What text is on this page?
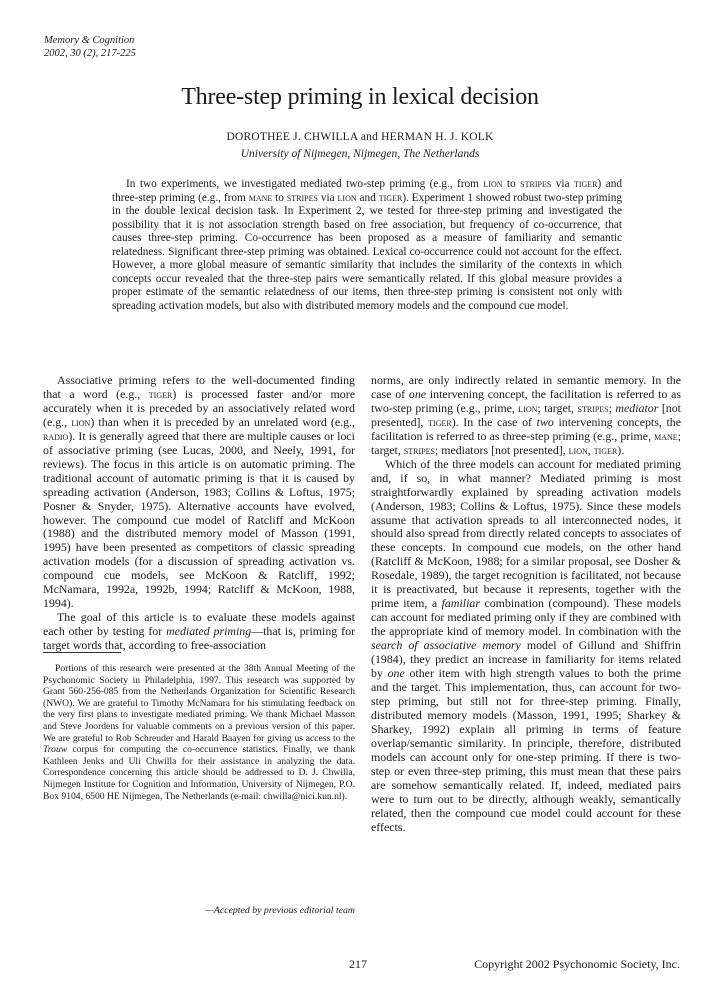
Memory & Cognition
2002, 30 (2), 217-225
Three-step priming in lexical decision
DOROTHEE J. CHWILLA and HERMAN H. J. KOLK
University of Nijmegen, Nijmegen, The Netherlands
In two experiments, we investigated mediated two-step priming (e.g., from lion to stripes via tiger) and three-step priming (e.g., from mane to stripes via lion and tiger). Experiment 1 showed robust two-step priming in the double lexical decision task. In Experiment 2, we tested for three-step priming and investigated the possibility that it is not association strength based on free association, but frequency of co-occurrence, that causes three-step priming. Co-occurrence has been proposed as a measure of familiarity and semantic relatedness. Significant three-step priming was obtained. Lexical co-occurrence could not account for the effect. However, a more global measure of semantic similarity that includes the similarity of the contexts in which concepts occur revealed that the three-step pairs were semantically related. If this global measure provides a proper estimate of the semantic relatedness of our items, then three-step priming is consistent not only with spreading activation models, but also with distributed memory models and the compound cue model.

Associative priming refers to the well-documented finding that a word (e.g., tiger) is processed faster and/or more accurately when it is preceded by an associatively related word (e.g., lion) than when it is preceded by an unrelated word (e.g., radio). It is generally agreed that there are multiple causes or loci of associative priming (see Lucas, 2000, and Neely, 1991, for reviews). The focus in this article is on automatic priming. The traditional account of automatic priming is that it is caused by spreading activation (Anderson, 1983; Collins & Loftus, 1975; Posner & Snyder, 1975). Alternative accounts have evolved, however. The compound cue model of Ratcliff and McKoon (1988) and the distributed memory model of Masson (1991, 1995) have been presented as competitors of classic spreading activation models (for a discussion of spreading activation vs. compound cue models, see McKoon & Ratcliff, 1992; McNamara, 1992a, 1992b, 1994; Ratcliff & McKoon, 1988, 1994).

The goal of this article is to evaluate these models against each other by testing for mediated priming—that is, priming for target words that, according to free-association

Portions of this research were presented at the 38th Annual Meeting of the Psychonomic Society in Philadelphia, 1997. This research was supported by Grant 560-256-085 from the Netherlands Organization for Scientific Research (NWO). We are grateful to Timothy McNamara for his stimulating feedback on the very first plans to investigate mediated priming. We thank Michael Masson and Steve Joordens for valuable comments on a previous version of this paper. We are grateful to Rob Schreuder and Harald Baayen for giving us access to the Trouw corpus for computing the co-occurrence statistics. Finally, we thank Kathleen Jenks and Uli Chwilla for their assistance in analyzing the data. Correspondence concerning this article should be addressed to D. J. Chwilla, Nijmegen Institute for Cognition and Information, University of Nijmegen, P.O. Box 9104, 6500 HE Nijmegen, The Netherlands (e-mail: chwilla@nici.kun.nl).
—Accepted by previous editorial team

norms, are only indirectly related in semantic memory. In the case of one intervening concept, the facilitation is referred to as two-step priming (e.g., prime, lion; target, stripes; mediator [not presented], tiger). In the case of two intervening concepts, the facilitation is referred to as three-step priming (e.g., prime, mane; target, stripes; mediators [not presented], lion, tiger).

Which of the three models can account for mediated priming and, if so, in what manner? Mediated priming is most straightforwardly explained by spreading activation models (Anderson, 1983; Collins & Loftus, 1975). Since these models assume that activation spreads to all interconnected nodes, it should also spread from directly related concepts to associates of these concepts. In compound cue models, on the other hand (Ratcliff & McKoon, 1988; for a similar proposal, see Dosher & Rosedale, 1989), the target recognition is facilitated, not because it is preactivated, but because it represents, together with the prime item, a familiar combination (compound). These models can account for mediated priming only if they are combined with the appropriate kind of memory model. In combination with the search of associative memory model of Gillund and Shiffrin (1984), they predict an increase in familiarity for items related by one other item with high strength values to both the prime and the target. This implementation, thus, can account for two-step priming, but still not for three-step priming. Finally, distributed memory models (Masson, 1991, 1995; Sharkey & Sharkey, 1992) explain all priming in terms of feature overlap/semantic similarity. In principle, therefore, distributed models can account only for one-step priming. If there is two-step or even three-step priming, this must mean that these pairs are somehow semantically related. If, indeed, mediated pairs were to turn out to be directly, although weakly, semantically related, then the compound cue model could account for these effects.

217	Copyright 2002 Psychonomic Society, Inc.
